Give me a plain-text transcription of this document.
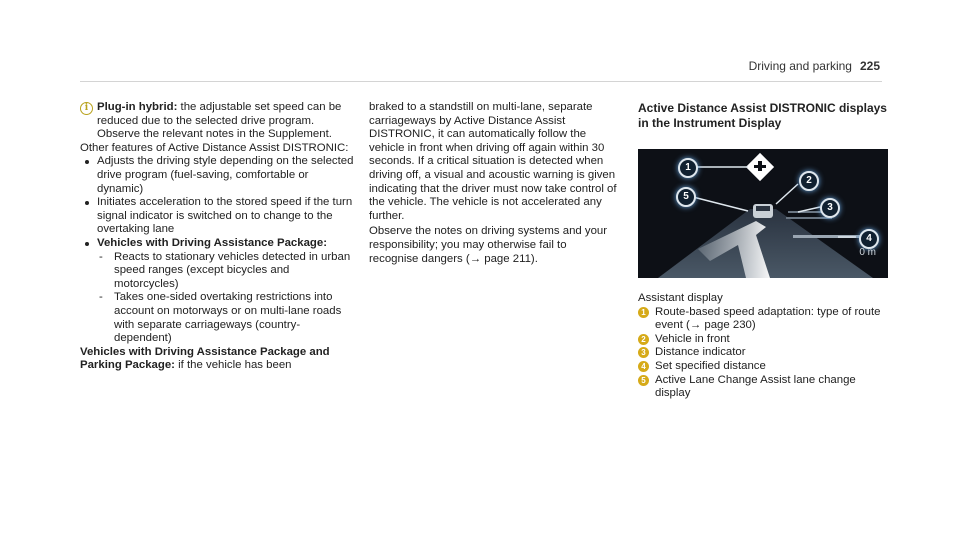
Driving and parking 225
i Plug-in hybrid: the adjustable set speed can be reduced due to the selected drive program. Observe the relevant notes in the Supplement.

Other features of Active Distance Assist DISTRONIC:

Adjusts the driving style depending on the selected drive program (fuel-saving, comfortable or dynamic)
Initiates acceleration to the stored speed if the turn signal indicator is switched on to change to the overtaking lane
Vehicles with Driving Assistance Package:
- Reacts to stationary vehicles detected in urban speed ranges (except bicycles and motorcycles)
- Takes one-sided overtaking restrictions into account on motorways or on multi-lane roads with separate carriageways (country-dependent)

Vehicles with Driving Assistance Package and Parking Package: if the vehicle has been

braked to a standstill on multi-lane, separate carriageways by Active Distance Assist DISTRONIC, it can automatically follow the vehicle in front when driving off again within 30 seconds. If a critical situation is detected when driving off, a visual and acoustic warning is given indicating that the driver must now take control of the vehicle. The vehicle is not accelerated any further.

Observe the notes on driving systems and your responsibility; you may otherwise fail to recognise dangers (→ page 211).

Active Distance Assist DISTRONIC displays in the Instrument Display
1
2
3
4
5
0 m

Assistant display

1 Route-based speed adaptation: type of route event (→ page 230)
2 Vehicle in front
3 Distance indicator
4 Set specified distance
5 Active Lane Change Assist lane change display
